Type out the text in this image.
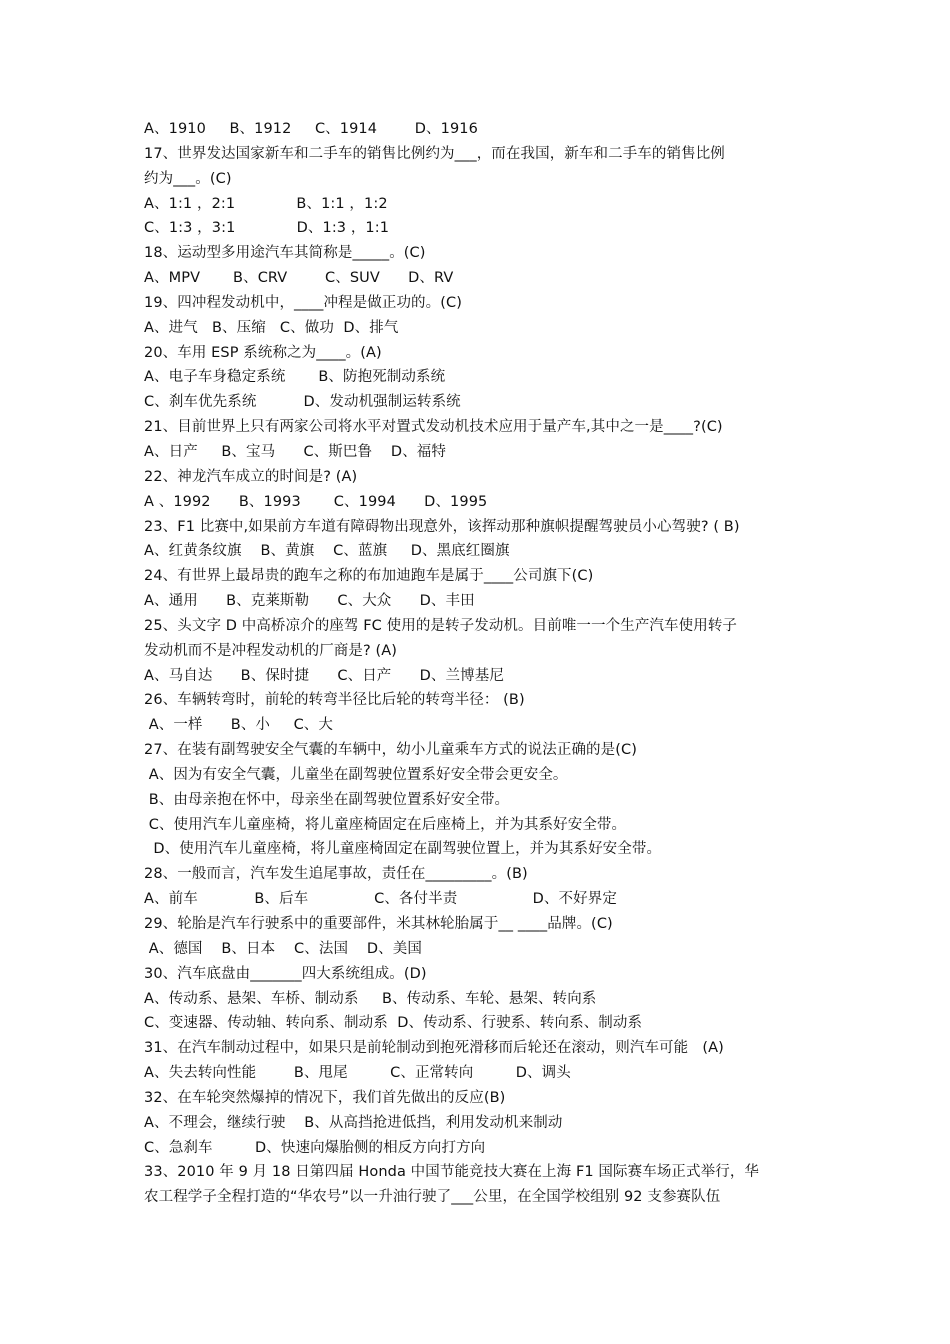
A、1910     B、1912     C、1914        D、1916
17、世界发达国家新车和二手车的销售比例约为___，而在我国，新车和二手车的销售比例
约为___。(C)
A、1:1 ，2:1             B、1:1 ，1:2
C、1:3 ，3:1             D、1:3 ，1:1
18、运动型多用途汽车其简称是_____。(C)
A、MPV       B、CRV        C、SUV      D、RV
19、四冲程发动机中，____冲程是做正功的。(C)
A、进气   B、压缩   C、做功  D、排气
20、车用 ESP 系统称之为____。(A)
A、电子车身稳定系统       B、防抱死制动系统
C、刹车优先系统          D、发动机强制运转系统
21、目前世界上只有两家公司将水平对置式发动机技术应用于量产车,其中之一是____?(C)
A、日产     B、宝马      C、斯巴鲁    D、福特
22、神龙汽车成立的时间是? (A)
A 、1992      B、1993       C、1994      D、1995
23、F1 比赛中,如果前方车道有障碍物出现意外，该挥动那种旗帜提醒驾驶员小心驾驶? ( B)
A、红黄条纹旗    B、黄旗    C、蓝旗     D、黑底红圈旗
24、有世界上最昂贵的跑车之称的布加迪跑车是属于____公司旗下(C)
A、通用      B、克莱斯勒      C、大众      D、丰田
25、头文字 D 中高桥凉介的座驾 FC 使用的是转子发动机。目前唯一一个生产汽车使用转子
发动机而不是冲程发动机的厂商是? (A)
A、马自达      B、保时捷      C、日产      D、兰博基尼
26、车辆转弯时，前轮的转弯半径比后轮的转弯半径： (B)
A、一样      B、小     C、大
27、在装有副驾驶安全气囊的车辆中，幼小儿童乘车方式的说法正确的是(C)
A、因为有安全气囊，儿童坐在副驾驶位置系好安全带会更安全。
B、由母亲抱在怀中，母亲坐在副驾驶位置系好安全带。
C、使用汽车儿童座椅，将儿童座椅固定在后座椅上，并为其系好安全带。
D、使用汽车儿童座椅，将儿童座椅固定在副驾驶位置上，并为其系好安全带。
28、一般而言，汽车发生追尾事故，责任在_________。(B)
A、前车            B、后车              C、各付半责                D、不好界定
29、轮胎是汽车行驶系中的重要部件，米其林轮胎属于__ ____品牌。(C)
A、德国    B、日本    C、法国    D、美国
30、汽车底盘由_______四大系统组成。(D)
A、传动系、悬架、车桥、制动系     B、传动系、车轮、悬架、转向系
C、变速器、传动轴、转向系、制动系  D、传动系、行驶系、转向系、制动系
31、在汽车制动过程中，如果只是前轮制动到抱死滑移而后轮还在滚动，则汽车可能   (A)
A、失去转向性能        B、甩尾         C、正常转向         D、调头
32、在车轮突然爆掉的情况下，我们首先做出的反应(B)
A、不理会，继续行驶    B、从高挡抢进低挡，利用发动机来制动
C、急刹车         D、快速向爆胎侧的相反方向打方向
33、2010 年 9 月 18 日第四届 Honda 中国节能竞技大赛在上海 F1 国际赛车场正式举行，华
农工程学子全程打造的“华农号”以一升油行驶了___公里，在全国学校组别 92 支参赛队伍
